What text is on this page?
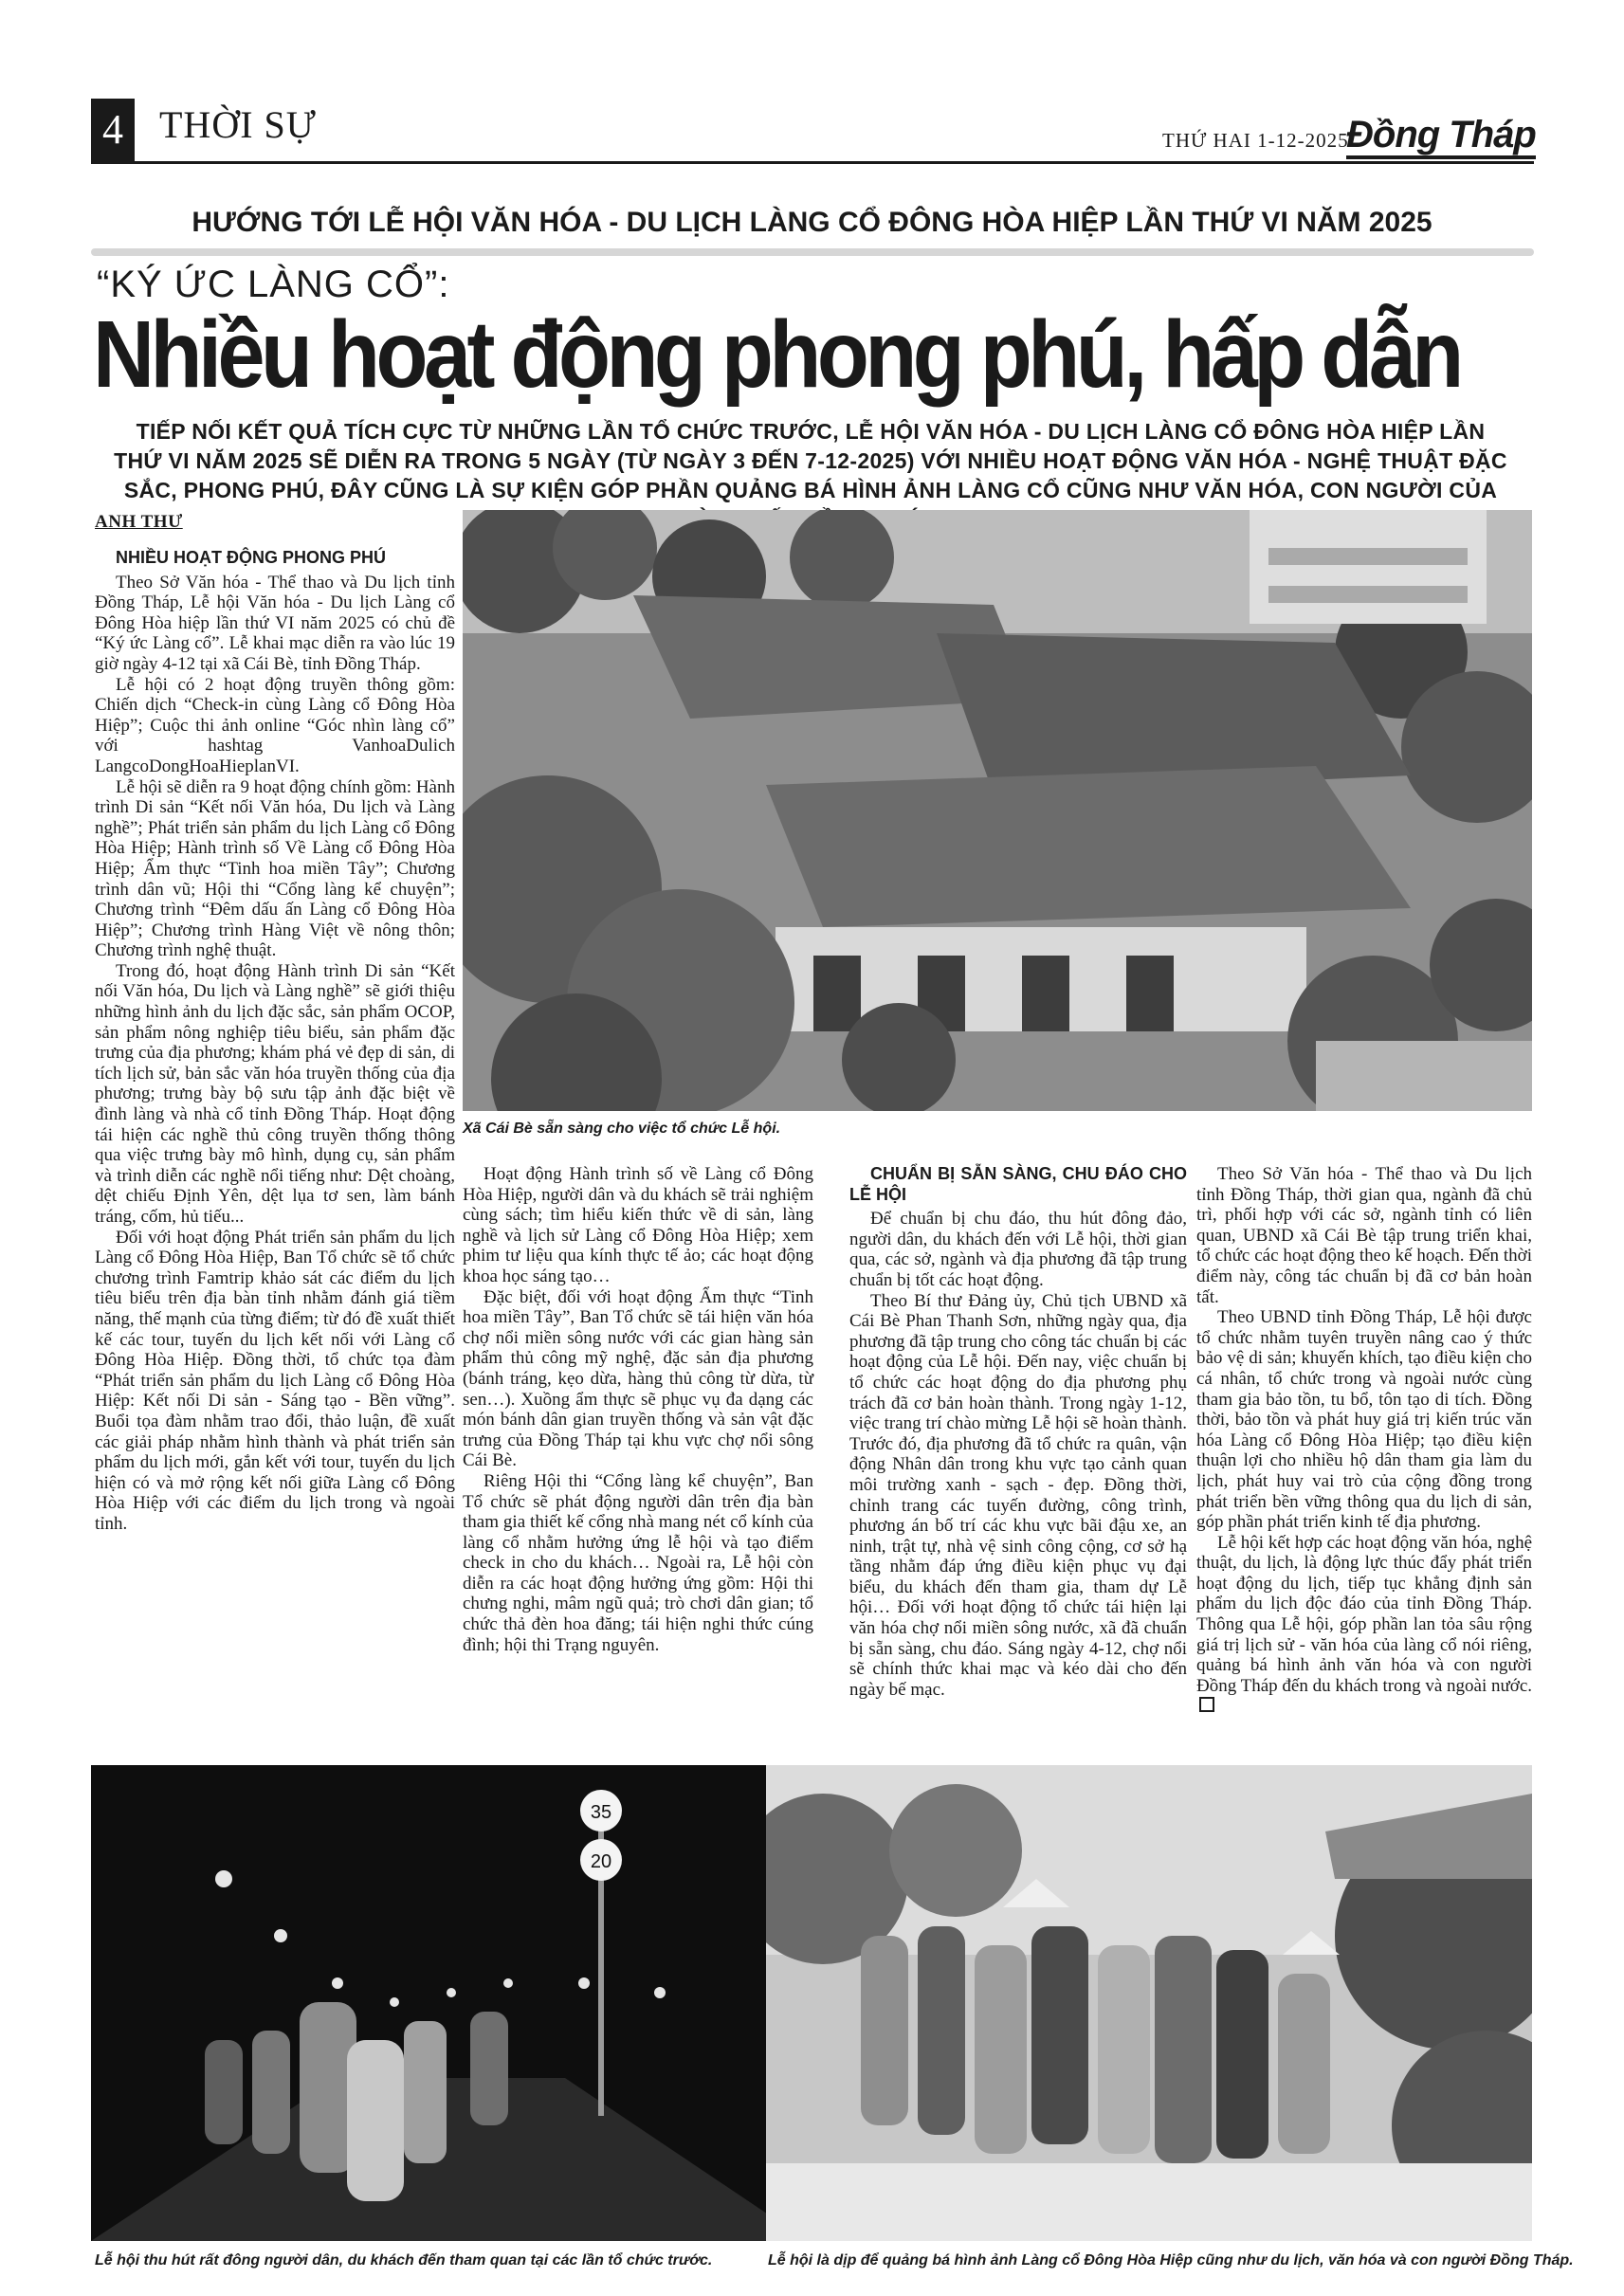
4 THỜI SỰ	THỨ HAI 1-12-2025
Đồng Tháp
HƯỚNG TỚI LỄ HỘI VĂN HÓA - DU LỊCH LÀNG CỔ ĐÔNG HÒA HIỆP LẦN THỨ VI NĂM 2025
“KÝ ỨC LÀNG CỔ”:
Nhiều hoạt động phong phú, hấp dẫn
TIẾP NỐI KẾT QUẢ TÍCH CỰC TỪ NHỮNG LẦN TỔ CHỨC TRƯỚC, LỄ HỘI VĂN HÓA - DU LỊCH LÀNG CỔ ĐÔNG HÒA HIỆP LẦN THỨ VI NĂM 2025 SẼ DIỄN RA TRONG 5 NGÀY (TỪ NGÀY 3 ĐẾN 7-12-2025) VỚI NHIỀU HOẠT ĐỘNG VĂN HÓA - NGHỆ THUẬT ĐẶC SẮC, PHONG PHÚ, ĐÂY CŨNG LÀ SỰ KIỆN GÓP PHẦN QUẢNG BÁ HÌNH ẢNH LÀNG CỔ CŨNG NHƯ VĂN HÓA, CON NGƯỜI CỦA
ANH THƯ
NHIỀU HOẠT ĐỘNG PHONG PHÚ

Theo Sở Văn hóa - Thể thao và Du lịch tỉnh Đồng Tháp, Lễ hội Văn hóa - Du lịch Làng cổ Đông Hòa hiệp lần thứ VI năm 2025 có chủ đề “Ký ức Làng cổ”. Lễ khai mạc diễn ra vào lúc 19 giờ ngày 4-12 tại xã Cái Bè, tỉnh Đồng Tháp.

Lễ hội có 2 hoạt động truyền thông gồm: Chiến dịch “Check-in cùng Làng cổ Đông Hòa Hiệp”; Cuộc thi ảnh online “Góc nhìn làng cổ” với hashtag VanhoaDulich LangcoDongHoaHieplanVI.

Lễ hội sẽ diễn ra 9 hoạt động chính gồm: Hành trình Di sản “Kết nối Văn hóa, Du lịch và Làng nghề”; Phát triển sản phẩm du lịch Làng cổ Đông Hòa Hiệp; Hành trình số Về Làng cổ Đông Hòa Hiệp; Ẩm thực “Tinh hoa miền Tây”; Chương trình dân vũ; Hội thi “Cổng làng kể chuyện”; Chương trình “Đêm dấu ấn Làng cổ Đông Hòa Hiệp”; Chương trình Hàng Việt về nông thôn; Chương trình nghệ thuật.

Trong đó, hoạt động Hành trình Di sản “Kết nối Văn hóa, Du lịch và Làng nghề” sẽ giới thiệu những hình ảnh du lịch đặc sắc, sản phẩm OCOP, sản phẩm nông nghiệp tiêu biểu, sản phẩm đặc trưng của địa phương; khám phá vẻ đẹp di sản, di tích lịch sử, bản sắc văn hóa truyền thống của địa phương; trưng bày bộ sưu tập ảnh đặc biệt về đình làng và nhà cổ tỉnh Đồng Tháp. Hoạt động tái hiện các nghề thủ công truyền thống thông qua việc trưng bày mô hình, dụng cụ, sản phẩm và trình diễn các nghề nổi tiếng như: Dệt choàng, dệt chiếu Định Yên, dệt lụa tơ sen, làm bánh tráng, cốm, hủ tiếu...

Đối với hoạt động Phát triển sản phẩm du lịch Làng cổ Đông Hòa Hiệp, Ban Tổ chức sẽ tổ chức chương trình Famtrip khảo sát các điểm du lịch tiêu biểu trên địa bàn tỉnh nhằm đánh giá tiềm năng, thế mạnh của từng điểm; từ đó đề xuất thiết kế các tour, tuyến du lịch kết nối với Làng cổ Đông Hòa Hiệp. Đồng thời, tổ chức tọa đàm “Phát triển sản phẩm du lịch Làng cổ Đông Hòa Hiệp: Kết nối Di sản - Sáng tạo - Bền vững”. Buổi tọa đàm nhằm trao đổi, thảo luận, đề xuất các giải pháp nhằm hình thành và phát triển sản phẩm du lịch mới, gắn kết với tour, tuyến du lịch hiện có và mở rộng kết nối giữa Làng cổ Đông Hòa Hiệp với các điểm du lịch trong và ngoài tỉnh.

Xã Cái Bè sẵn sàng cho việc tổ chức Lễ hội.

Hoạt động Hành trình số về Làng cổ Đông Hòa Hiệp, người dân và du khách sẽ trải nghiệm cùng sách; tìm hiểu kiến thức về di sản, làng nghề và lịch sử Làng cổ Đông Hòa Hiệp; xem phim tư liệu qua kính thực tế ảo; các hoạt động khoa học sáng tạo…

Đặc biệt, đối với hoạt động Ẩm thực “Tinh hoa miền Tây”, Ban Tổ chức sẽ tái hiện văn hóa chợ nổi miền sông nước với các gian hàng sản phẩm thủ công mỹ nghệ, đặc sản địa phương (bánh tráng, kẹo dừa, hàng thủ công từ dừa, từ sen…). Xuồng ẩm thực sẽ phục vụ đa dạng các món bánh dân gian truyền thống và sản vật đặc trưng của Đồng Tháp tại khu vực chợ nổi sông Cái Bè.

Riêng Hội thi “Cổng làng kể chuyện”, Ban Tổ chức sẽ phát động người dân trên địa bàn tham gia thiết kế cổng nhà mang nét cổ kính của làng cổ nhằm hưởng ứng lễ hội và tạo điểm check in cho du khách… Ngoài ra, Lễ hội còn diễn ra các hoạt động hưởng ứng gồm: Hội thi chưng nghi, mâm ngũ quả; trò chơi dân gian; tổ chức thả đèn hoa đăng; tái hiện nghi thức cúng đình; hội thi Trạng nguyên.

CHUẨN BỊ SẴN SÀNG, CHU ĐÁO CHO LỄ HỘI

Để chuẩn bị chu đáo, thu hút đông đảo, người dân, du khách đến với Lễ hội, thời gian qua, các sở, ngành và địa phương đã tập trung chuẩn bị tốt các hoạt động.

Theo Bí thư Đảng ủy, Chủ tịch UBND xã Cái Bè Phan Thanh Sơn, những ngày qua, địa phương đã tập trung cho công tác chuẩn bị các hoạt động của Lễ hội. Đến nay, việc chuẩn bị tổ chức các hoạt động do địa phương phụ trách đã cơ bản hoàn thành. Trong ngày 1-12, việc trang trí chào mừng Lễ hội sẽ hoàn thành. Trước đó, địa phương đã tổ chức ra quân, vận động Nhân dân trong khu vực tạo cảnh quan môi trường xanh - sạch - đẹp. Đồng thời, chỉnh trang các tuyến đường, công trình, phương án bố trí các khu vực bãi đậu xe, an ninh, trật tự, nhà vệ sinh công cộng, cơ sở hạ tầng nhằm đáp ứng điều kiện phục vụ đại biểu, du khách đến tham gia, tham dự Lễ hội… Đối với hoạt động tổ chức tái hiện lại văn hóa chợ nổi miền sông nước, xã đã chuẩn bị sẵn sàng, chu đáo. Sáng ngày 4-12, chợ nổi sẽ chính thức khai mạc và kéo dài cho đến ngày bế mạc.

Theo Sở Văn hóa - Thể thao và Du lịch tỉnh Đồng Tháp, thời gian qua, ngành đã chủ trì, phối hợp với các sở, ngành tỉnh có liên quan, UBND xã Cái Bè tập trung triển khai, tổ chức các hoạt động theo kế hoạch. Đến thời điểm này, công tác chuẩn bị đã cơ bản hoàn tất.

Theo UBND tỉnh Đồng Tháp, Lễ hội được tổ chức nhằm tuyên truyền nâng cao ý thức bảo vệ di sản; khuyến khích, tạo điều kiện cho cá nhân, tổ chức trong và ngoài nước cùng tham gia bảo tồn, tu bổ, tôn tạo di tích. Đồng thời, bảo tồn và phát huy giá trị kiến trúc văn hóa Làng cổ Đông Hòa Hiệp; tạo điều kiện thuận lợi cho nhiều hộ dân tham gia làm du lịch, phát huy vai trò của cộng đồng trong phát triển bền vững thông qua du lịch di sản, góp phần phát triển kinh tế địa phương.

Lễ hội kết hợp các hoạt động văn hóa, nghệ thuật, du lịch, là động lực thúc đẩy phát triển hoạt động du lịch, tiếp tục khẳng định sản phẩm du lịch độc đáo của tỉnh Đồng Tháp. Thông qua Lễ hội, góp phần lan tỏa sâu rộng giá trị lịch sử - văn hóa của làng cổ nói riêng, quảng bá hình ảnh văn hóa và con người Đồng Tháp đến du khách trong và ngoài nước.

35
20
Lễ hội thu hút rất đông người dân, du khách đến tham quan tại các lần tổ chức trước.	Lễ hội là dịp để quảng bá hình ảnh Làng cổ Đông Hòa Hiệp cũng như du lịch, văn hóa và con người Đồng Tháp.
